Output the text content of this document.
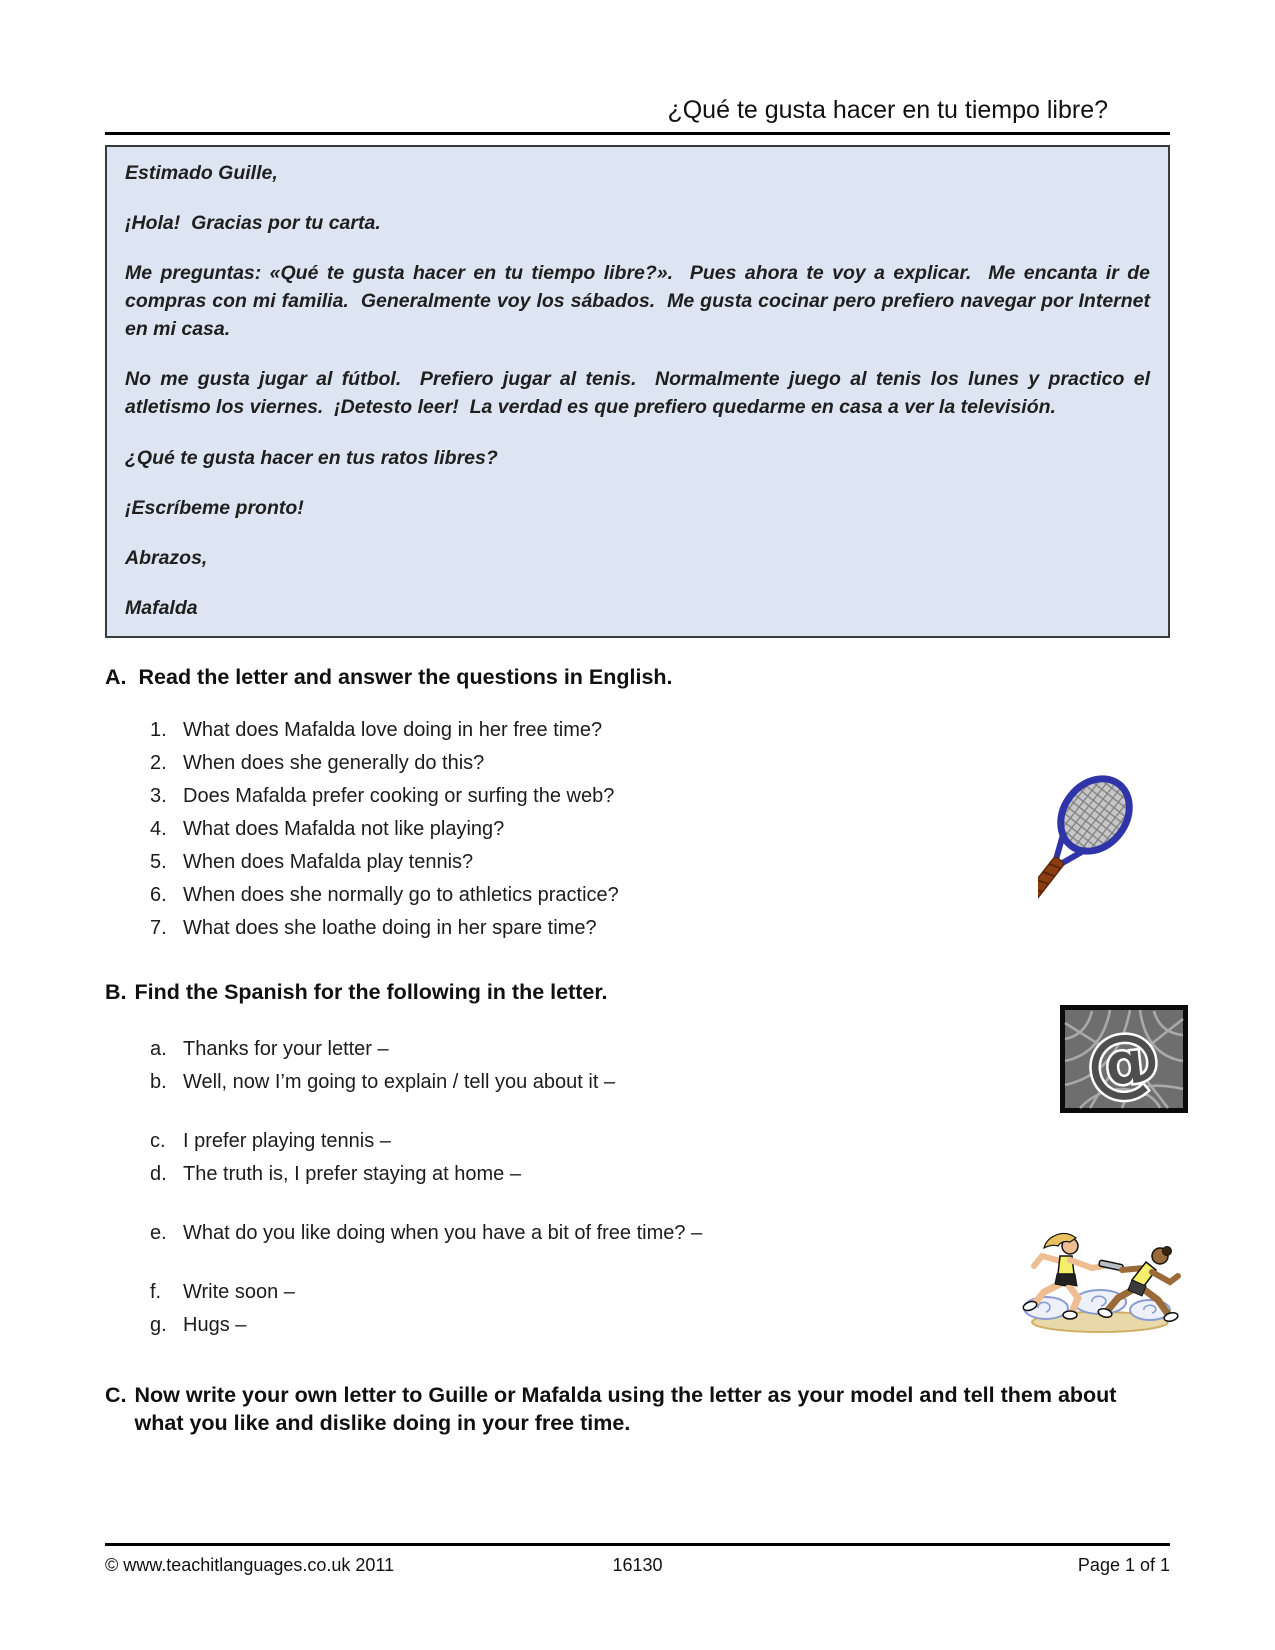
¿Qué te gusta hacer en tu tiempo libre?

Estimado Guille,

¡Hola!  Gracias por tu carta.

Me preguntas: «Qué te gusta hacer en tu tiempo libre?».  Pues ahora te voy a explicar.  Me encanta ir de compras con mi familia.  Generalmente voy los sábados.  Me gusta cocinar pero prefiero navegar por Internet en mi casa.

No me gusta jugar al fútbol.  Prefiero jugar al tenis.  Normalmente juego al tenis los lunes y practico el atletismo los viernes.  ¡Detesto leer!  La verdad es que prefiero quedarme en casa a ver la televisión.

¿Qué te gusta hacer en tus ratos libres?

¡Escríbeme pronto!

Abrazos,

Mafalda

A. Read the letter and answer the questions in English.
1. What does Mafalda love doing in her free time?
2. When does she generally do this?
3. Does Mafalda prefer cooking or surfing the web?
4. What does Mafalda not like playing?
5. When does Mafalda play tennis?
6. When does she normally go to athletics practice?
7. What does she loathe doing in her spare time?
B. Find the Spanish for the following in the letter.
a. Thanks for your letter –
b. Well, now I’m going to explain / tell you about it –
c. I prefer playing tennis –
d. The truth is, I prefer staying at home –
e. What do you like doing when you have a bit of free time? –
f.	Write soon –
g. Hugs –
C. Now write your own letter to Guille or Mafalda using the letter as your model and tell them about what you like and dislike doing in your free time.
@
© www.teachitlanguages.co.uk 2011	16130	Page 1 of 1
